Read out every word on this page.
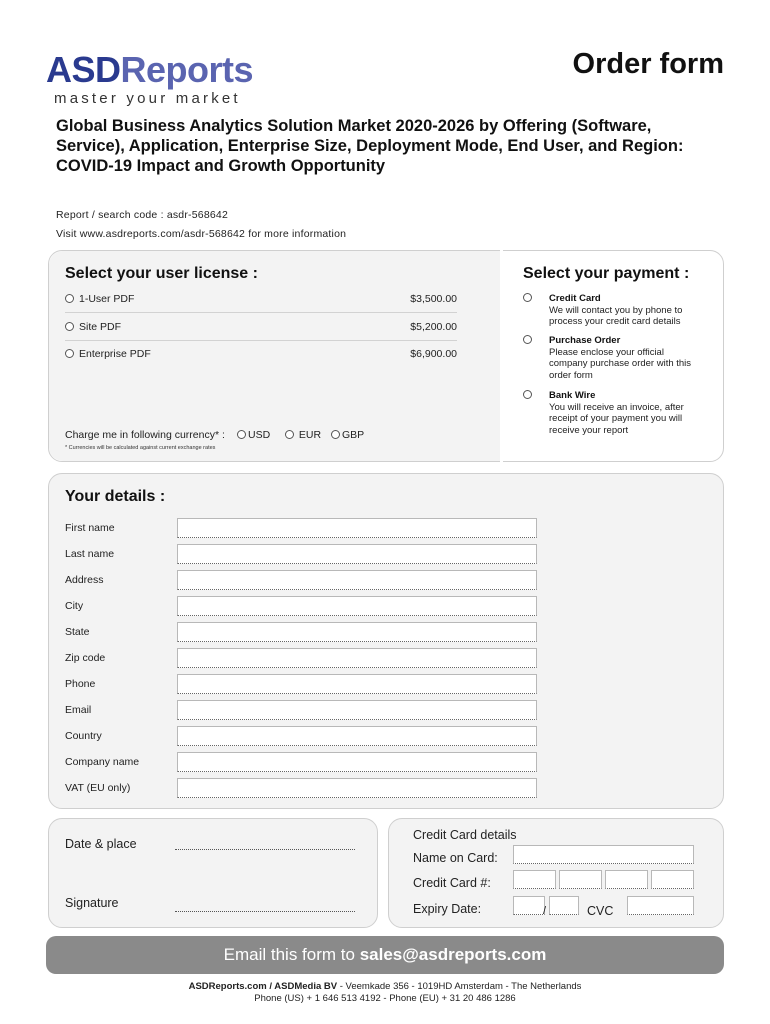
ASDReports
master your market
Order form
Global Business Analytics Solution Market 2020-2026 by Offering (Software, Service), Application, Enterprise Size, Deployment Mode, End User, and Region: COVID-19 Impact and Growth Opportunity
Report / search code : asdr-568642
Visit www.asdreports.com/asdr-568642 for more information
Select your user license :
1-User PDF	$3,500.00
Site PDF	$5,200.00
Enterprise PDF	$6,900.00
Charge me in following currency* :	USD	EUR	GBP
* Currencies will be calculated against current exchange rates
Select your payment :
Credit Card
We will contact you by phone to process your credit card details
Purchase Order
Please enclose your official company purchase order with this order form
Bank Wire
You will receive an invoice, after receipt of your payment you will receive your report
Your details :
First name
Last name
Address
City
State
Zip code
Phone
Email
Country
Company name
VAT (EU only)
Date & place
Signature
Credit Card details
Name on Card:
Credit Card #:
Expiry Date:	/	CVC
Email this form to sales@asdreports.com
ASDReports.com / ASDMedia BV - Veemkade 356 - 1019HD Amsterdam - The Netherlands
Phone (US) + 1 646 513 4192 - Phone (EU) + 31 20 486 1286
